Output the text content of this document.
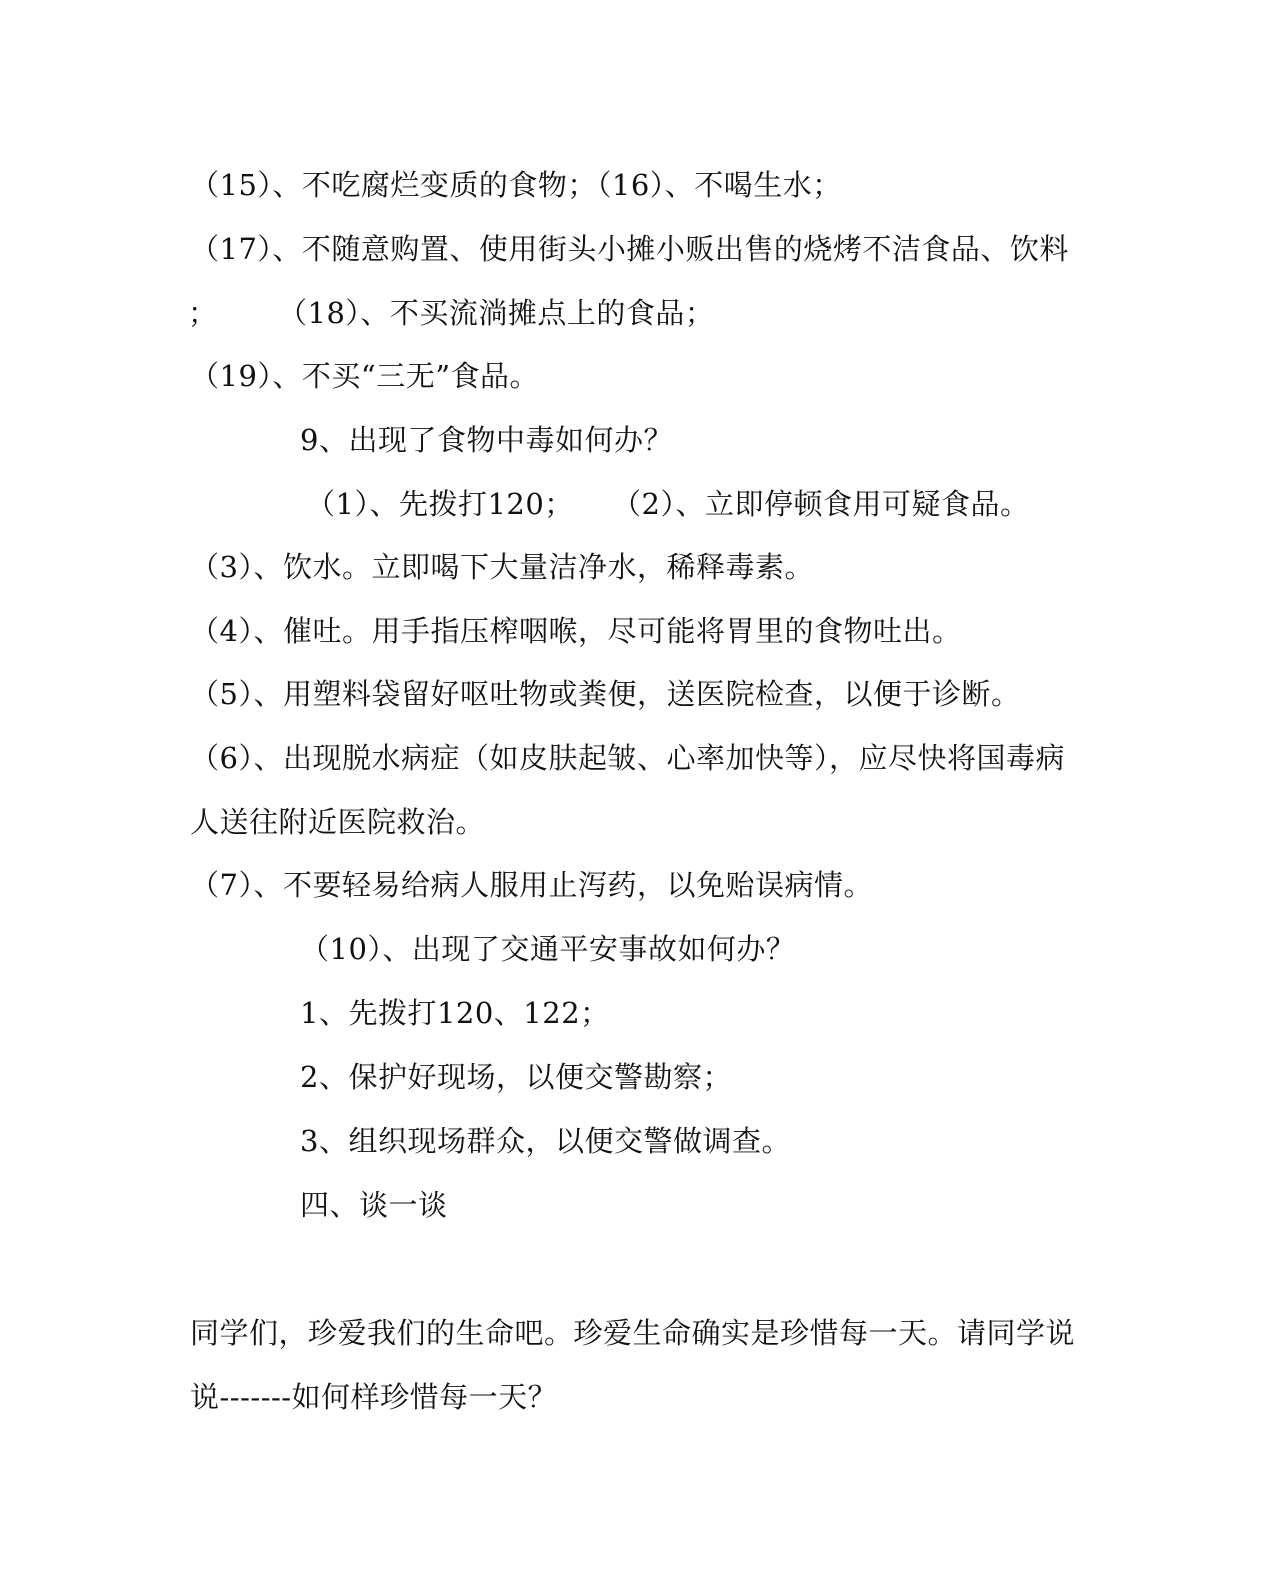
（15）、不吃腐烂变质的食物；（16）、不喝生水；
（17）、不随意购置、使用街头小摊小贩出售的烧烤不洁食品、饮料
； （18）、不买流淌摊点上的食品；
（19）、不买“三无”食品。
9、出现了食物中毒如何办？
（1）、先拨打120； （2）、立即停顿食用可疑食品。
（3）、饮水。立即喝下大量洁净水，稀释毒素。
（4）、催吐。用手指压榨咽喉，尽可能将胃里的食物吐出。
（5）、用塑料袋留好呕吐物或粪便，送医院检查，以便于诊断。
（6）、出现脱水病症（如皮肤起皱、心率加快等），应尽快将国毒病
人送往附近医院救治。
（7）、不要轻易给病人服用止泻药，以免贻误病情。
（10）、出现了交通平安事故如何办？
1、先拨打120、122；
2、保护好现场，以便交警勘察；
3、组织现场群众，以便交警做调查。
四、谈一谈
同学们，珍爱我们的生命吧。珍爱生命确实是珍惜每一天。请同学说
说-------如何样珍惜每一天？
